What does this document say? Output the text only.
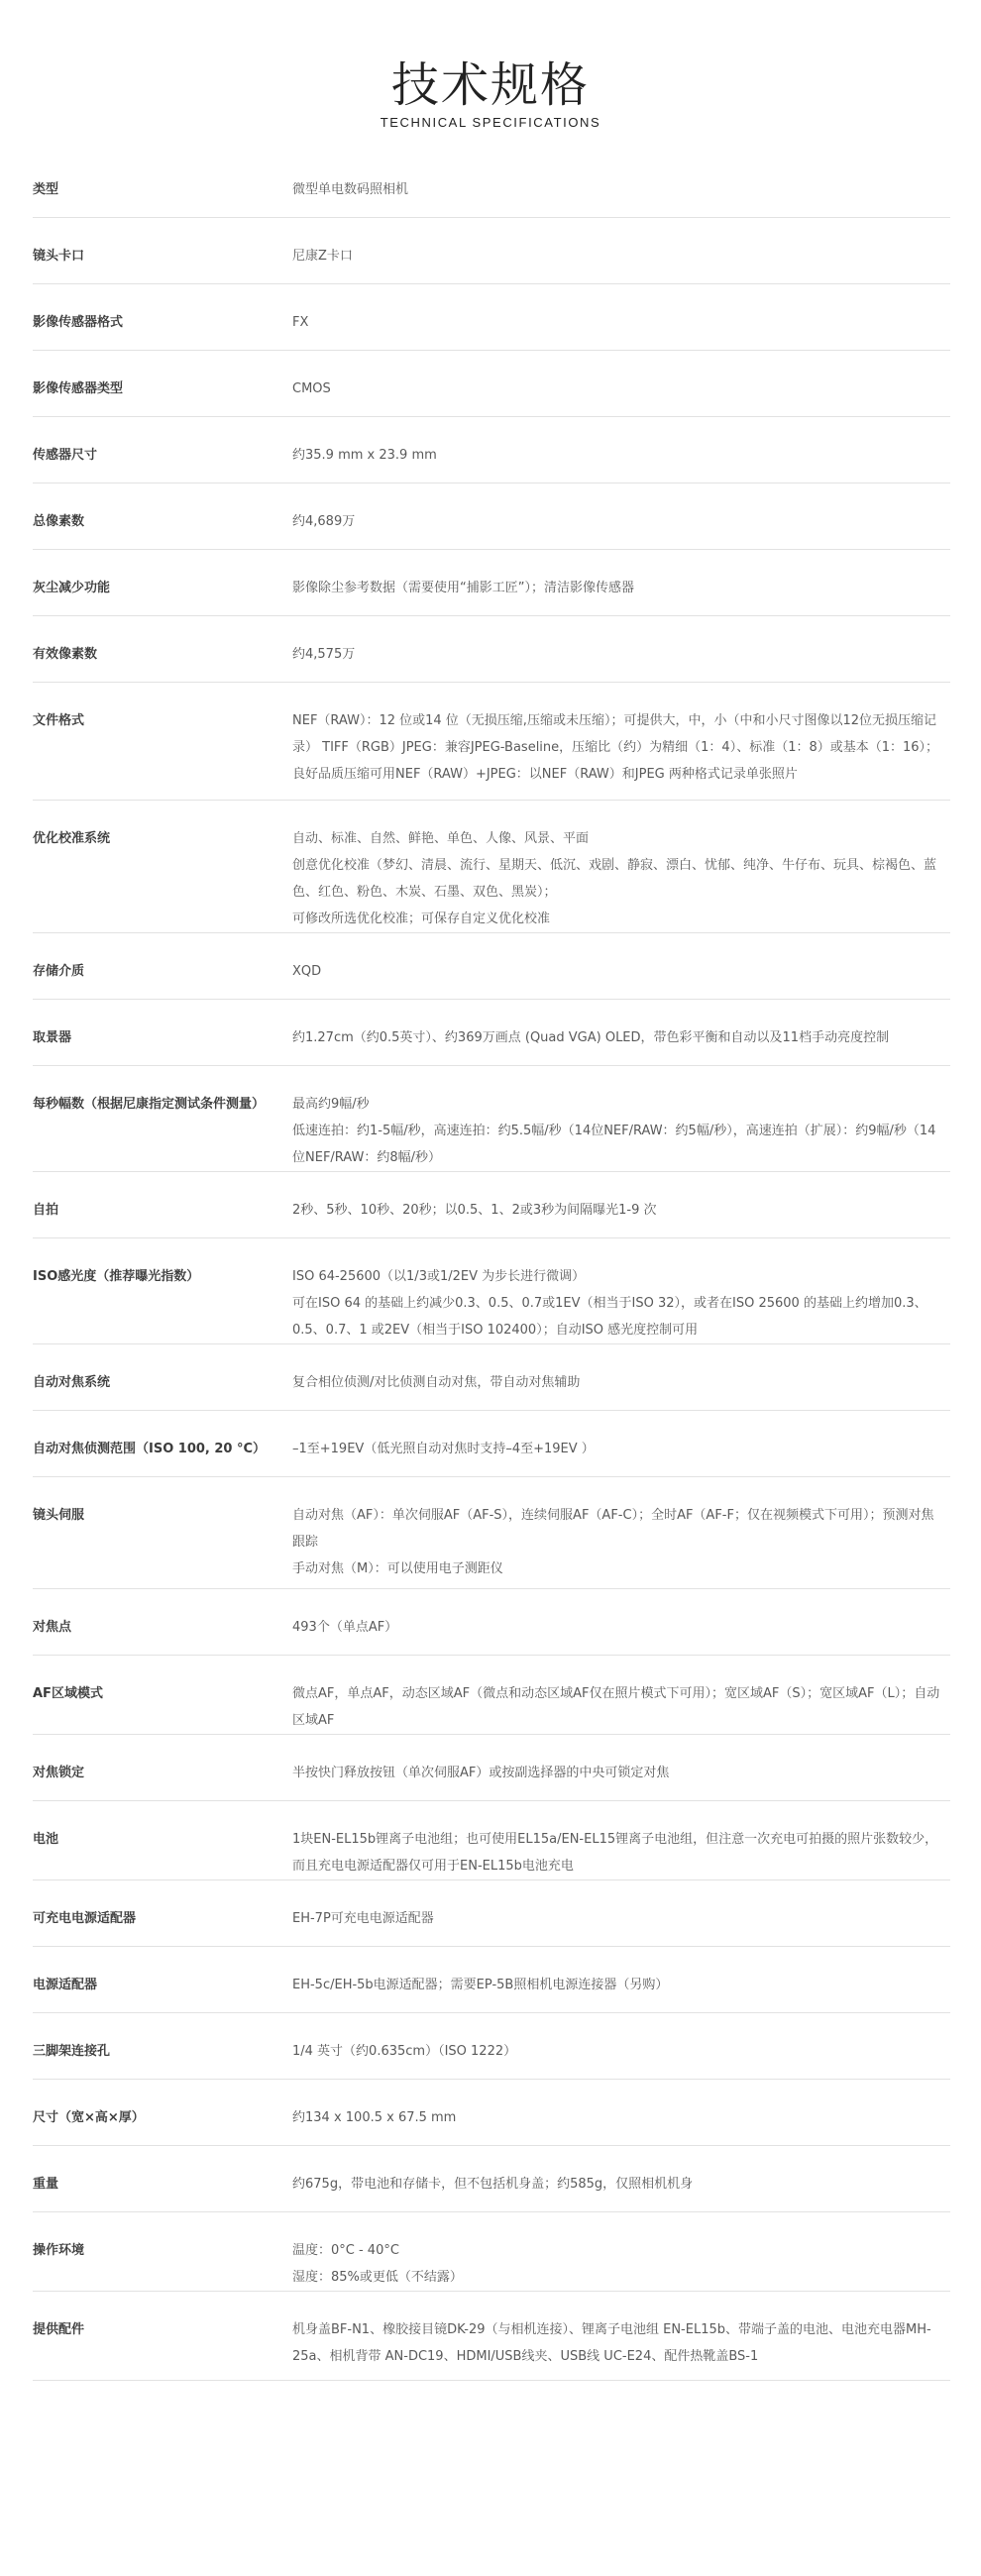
技术规格
TECHNICAL SPECIFICATIONS
类型	微型单电数码照相机
镜头卡口	尼康Z卡口
影像传感器格式	FX
影像传感器类型	CMOS
传感器尺寸	约35.9 mm x 23.9 mm
总像素数	约4,689万
灰尘减少功能	影像除尘参考数据（需要使用“捕影工匠”）；清洁影像传感器
有效像素数	约4,575万
文件格式	NEF（RAW）：12 位或14 位（无损压缩,压缩或未压缩）；可提供大，中，小（中和小尺寸图像以12位无损压缩记录） TIFF（RGB）JPEG：兼容JPEG-Baseline，压缩比（约）为精细（1：4）、标准（1：8）或基本（1：16）；良好品质压缩可用NEF（RAW）+JPEG：以NEF（RAW）和JPEG 两种格式记录单张照片
优化校准系统	自动、标准、自然、鲜艳、单色、人像、风景、平面
创意优化校准（梦幻、清晨、流行、星期天、低沉、戏剧、静寂、漂白、忧郁、纯净、牛仔布、玩具、棕褐色、蓝色、红色、粉色、木炭、石墨、双色、黑炭）；
可修改所选优化校准；可保存自定义优化校准
存储介质	XQD
取景器	约1.27cm（约0.5英寸）、约369万画点 (Quad VGA) OLED，带色彩平衡和自动以及11档手动亮度控制
每秒幅数（根据尼康指定测试条件测量）	最高约9幅/秒
低速连拍：约1-5幅/秒，高速连拍：约5.5幅/秒（14位NEF/RAW：约5幅/秒），高速连拍（扩展）：约9幅/秒（14位NEF/RAW：约8幅/秒）
自拍	2秒、5秒、10秒、20秒；以0.5、1、2或3秒为间隔曝光1-9 次
ISO感光度（推荐曝光指数）	ISO 64-25600（以1/3或1/2EV 为步长进行微调）
可在ISO 64 的基础上约减少0.3、0.5、0.7或1EV（相当于ISO 32），或者在ISO 25600 的基础上约增加0.3、0.5、0.7、1 或2EV（相当于ISO 102400）；自动ISO 感光度控制可用
自动对焦系统	复合相位侦测/对比侦测自动对焦，带自动对焦辅助
自动对焦侦测范围（ISO 100, 20 °C）	–1至+19EV（低光照自动对焦时支持–4至+19EV ）
镜头伺服	自动对焦（AF）：单次伺服AF（AF-S），连续伺服AF（AF-C）；全时AF（AF-F；仅在视频模式下可用）；预测对焦跟踪
手动对焦（M）：可以使用电子测距仪
对焦点	493个（单点AF）
AF区域模式	微点AF，单点AF，动态区域AF（微点和动态区域AF仅在照片模式下可用）；宽区域AF（S）；宽区域AF（L）；自动区域AF
对焦锁定	半按快门释放按钮（单次伺服AF）或按副选择器的中央可锁定对焦
电池	1块EN-EL15b锂离子电池组；也可使用EL15a/EN-EL15锂离子电池组，但注意一次充电可拍摄的照片张数较少，而且充电电源适配器仅可用于EN-EL15b电池充电
可充电电源适配器	EH-7P可充电电源适配器
电源适配器	EH-5c/EH-5b电源适配器；需要EP-5B照相机电源连接器（另购）
三脚架连接孔	1/4 英寸（约0.635cm）（ISO 1222）
尺寸（宽×高×厚）	约134 x 100.5 x 67.5 mm
重量	约675g，带电池和存储卡，但不包括机身盖；约585g，仅照相机机身
操作环境	温度：0°C - 40°C
湿度：85%或更低（不结露）
提供配件	机身盖BF-N1、橡胶接目镜DK-29（与相机连接）、锂离子电池组 EN-EL15b、带端子盖的电池、电池充电器MH-25a、相机背带 AN-DC19、HDMI/USB线夹、USB线 UC-E24、配件热靴盖BS-1
